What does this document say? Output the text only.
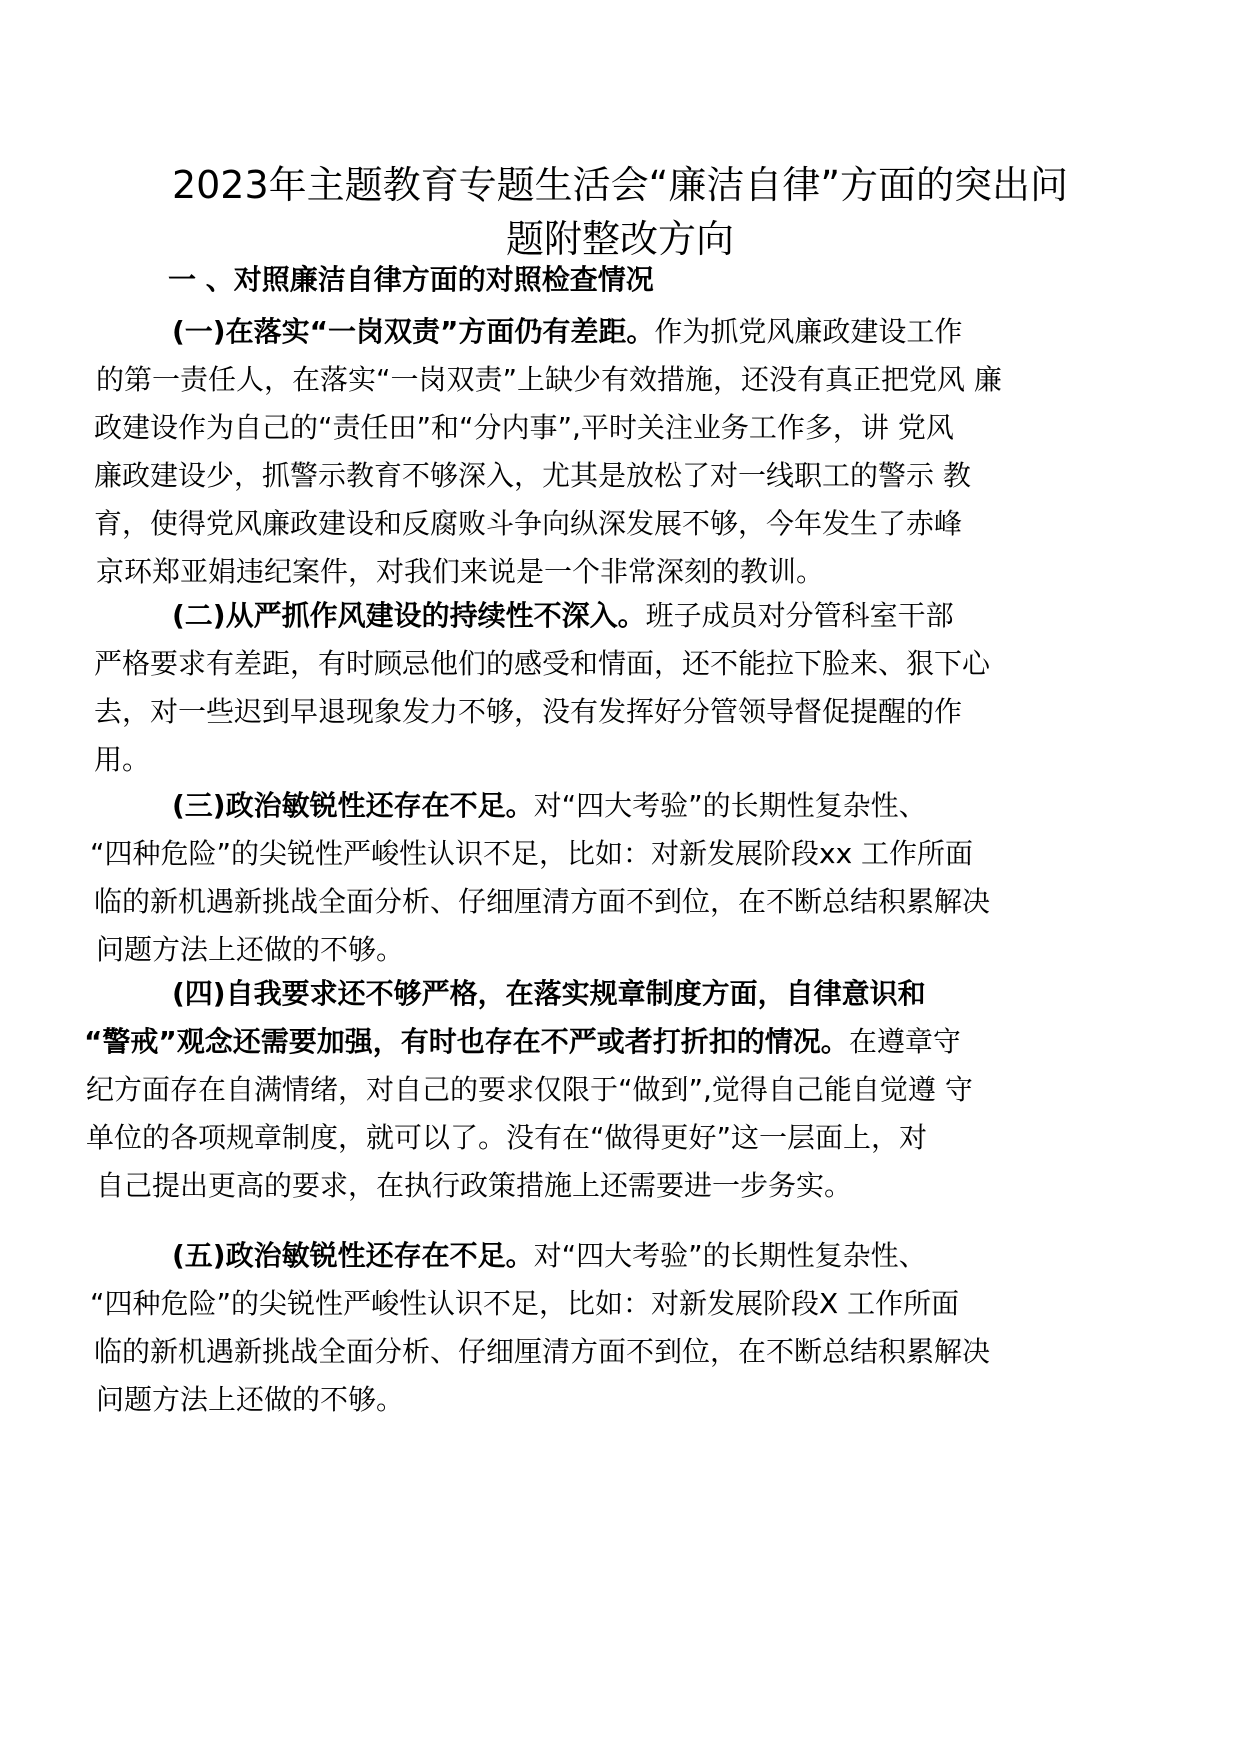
2023年主题教育专题生活会“廉洁自律”方面的突出问
题附整改方向
一 、对照廉洁自律方面的对照检查情况
(一)在落实“一岗双责”方面仍有差距。作为抓党风廉政建设工作
的第一责任人，在落实“一岗双责”上缺少有效措施，还没有真正把党风 廉
政建设作为自己的“责任田”和“分内事”,平时关注业务工作多，讲 党风
廉政建设少，抓警示教育不够深入，尤其是放松了对一线职工的警示 教
育，使得党风廉政建设和反腐败斗争向纵深发展不够，今年发生了赤峰
京环郑亚娟违纪案件，对我们来说是一个非常深刻的教训。
(二)从严抓作风建设的持续性不深入。班子成员对分管科室干部
严格要求有差距，有时顾忌他们的感受和情面，还不能拉下脸来、狠下心
去，对一些迟到早退现象发力不够，没有发挥好分管领导督促提醒的作
用。
(三)政治敏锐性还存在不足。对“四大考验”的长期性复杂性、
“四种危险”的尖锐性严峻性认识不足，比如：对新发展阶段xx 工作所面
临的新机遇新挑战全面分析、仔细厘清方面不到位，在不断总结积累解决
问题方法上还做的不够。
(四)自我要求还不够严格，在落实规章制度方面，自律意识和
“警戒”观念还需要加强，有时也存在不严或者打折扣的情况。在遵章守
纪方面存在自满情绪，对自己的要求仅限于“做到”,觉得自己能自觉遵 守
单位的各项规章制度，就可以了。没有在“做得更好”这一层面上，对
自己提出更高的要求，在执行政策措施上还需要进一步务实。
(五)政治敏锐性还存在不足。对“四大考验”的长期性复杂性、
“四种危险”的尖锐性严峻性认识不足，比如：对新发展阶段X 工作所面
临的新机遇新挑战全面分析、仔细厘清方面不到位，在不断总结积累解决
问题方法上还做的不够。
